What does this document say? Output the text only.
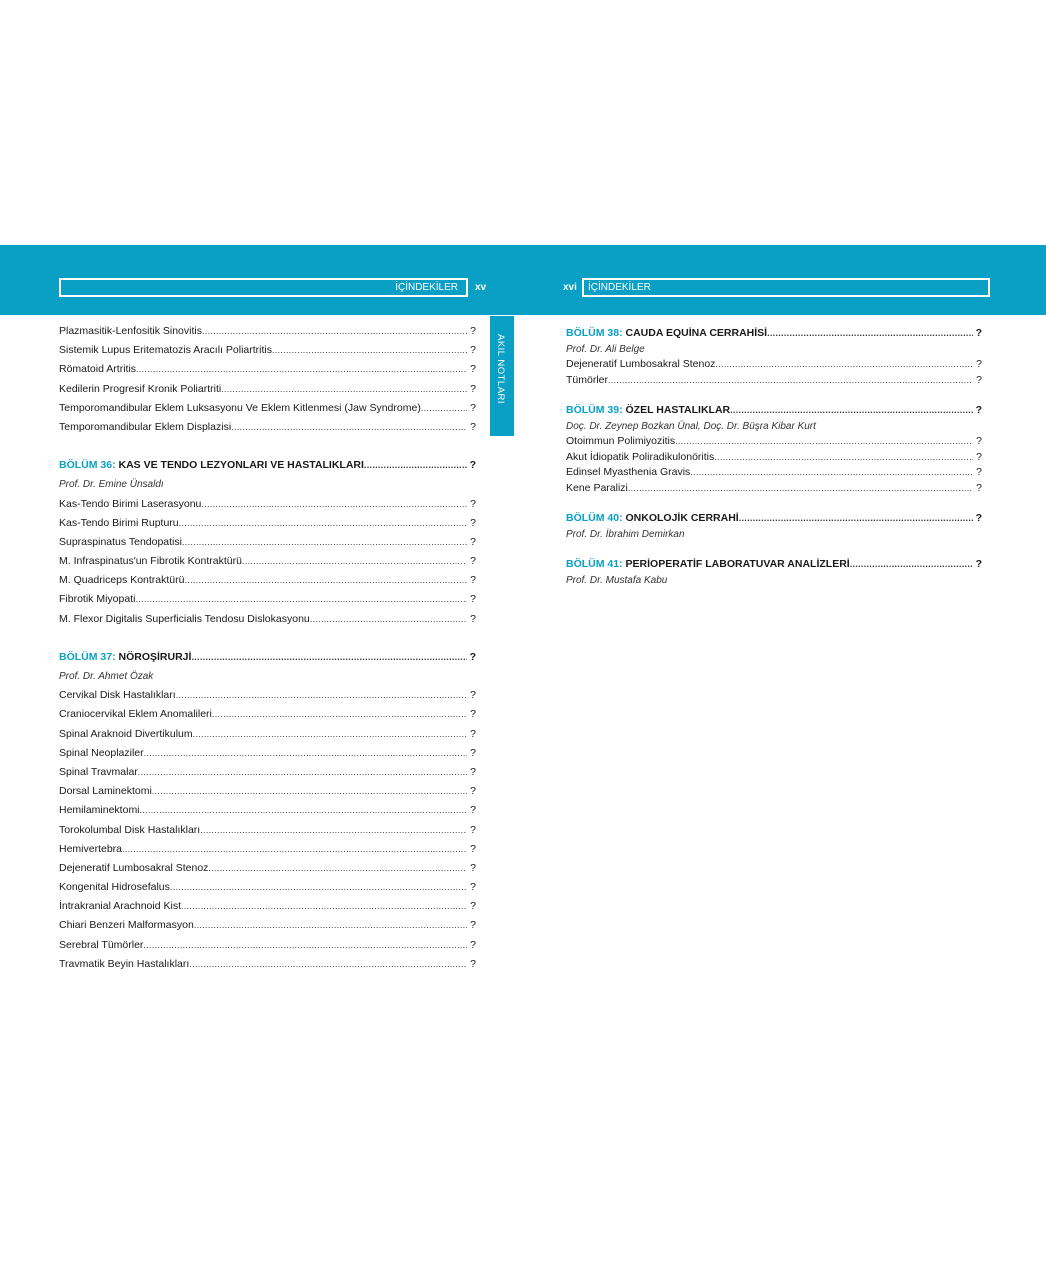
İÇİNDEKİLER	xv	xvi	İÇİNDEKİLER
AKIL NOTLARI
Plazmasitik-Lenfositik Sinovitis .....	?
Sistemik Lupus Eritematozis Aracılı Poliartritis .....	?
Römatoid Artritis .....	?
Kedilerin Progresif Kronik Poliartriti .....	?
Temporomandibular Eklem Luksasyonu Ve Eklem Kitlenmesi (Jaw Syndrome) .....	?
Temporomandibular Eklem Displazisi .....	?
BÖLÜM 36: KAS VE TENDO LEZYONLARI VE HASTALIKLARI .....	?
Prof. Dr. Emine Ünsaldı
Kas-Tendo Birimi Laserasyonu .....	?
Kas-Tendo Birimi Rupturu .....	?
Supraspinatus Tendopatisi .....	?
M. Infraspinatus'un Fibrotik Kontraktürü .....	?
M. Quadriceps Kontraktürü .....	?
Fibrotik Miyopati .....	?
M. Flexor Digitalis Superficialis Tendosu Dislokasyonu .....	?
BÖLÜM 37: NÖROŞİRURJİ .....	?
Prof. Dr. Ahmet Özak
Cervikal Disk Hastalıkları .....	?
Craniocervikal Eklem Anomalileri .....	?
Spinal Araknoid Divertikulum .....	?
Spinal Neoplaziler .....	?
Spinal Travmalar .....	?
Dorsal Laminektomi .....	?
Hemilaminektomi .....	?
Torokolumbal Disk Hastalıkları .....	?
Hemivertebra .....	?
Dejeneratif Lumbosakral Stenoz .....	?
Kongenital Hidrosefalus .....	?
İntrakranial Arachnoid Kist .....	?
Chiari Benzeri Malformasyon .....	?
Serebral Tümörler .....	?
Travmatik Beyin Hastalıkları .....	?
BÖLÜM 38: CAUDA EQUİNA CERRAHİSİ .....	?
Prof. Dr. Ali Belge
Dejeneratif Lumbosakral Stenoz .....	?
Tümörler .....	?
BÖLÜM 39: ÖZEL HASTALIKLAR .....	?
Doç. Dr. Zeynep Bozkan Ünal, Doç. Dr. Büşra Kibar Kurt
Otoimmun Polimiyozitis .....	?
Akut İdiopatik Poliradikulonöritis .....	?
Edinsel Myasthenia Gravis .....	?
Kene Paralizi .....	?
BÖLÜM 40: ONKOLOJİK CERRAHİ .....	?
Prof. Dr. İbrahim Demirkan
BÖLÜM 41: PERİOPERATİF LABORATUVAR ANALİZLERİ .....	?
Prof. Dr. Mustafa Kabu
